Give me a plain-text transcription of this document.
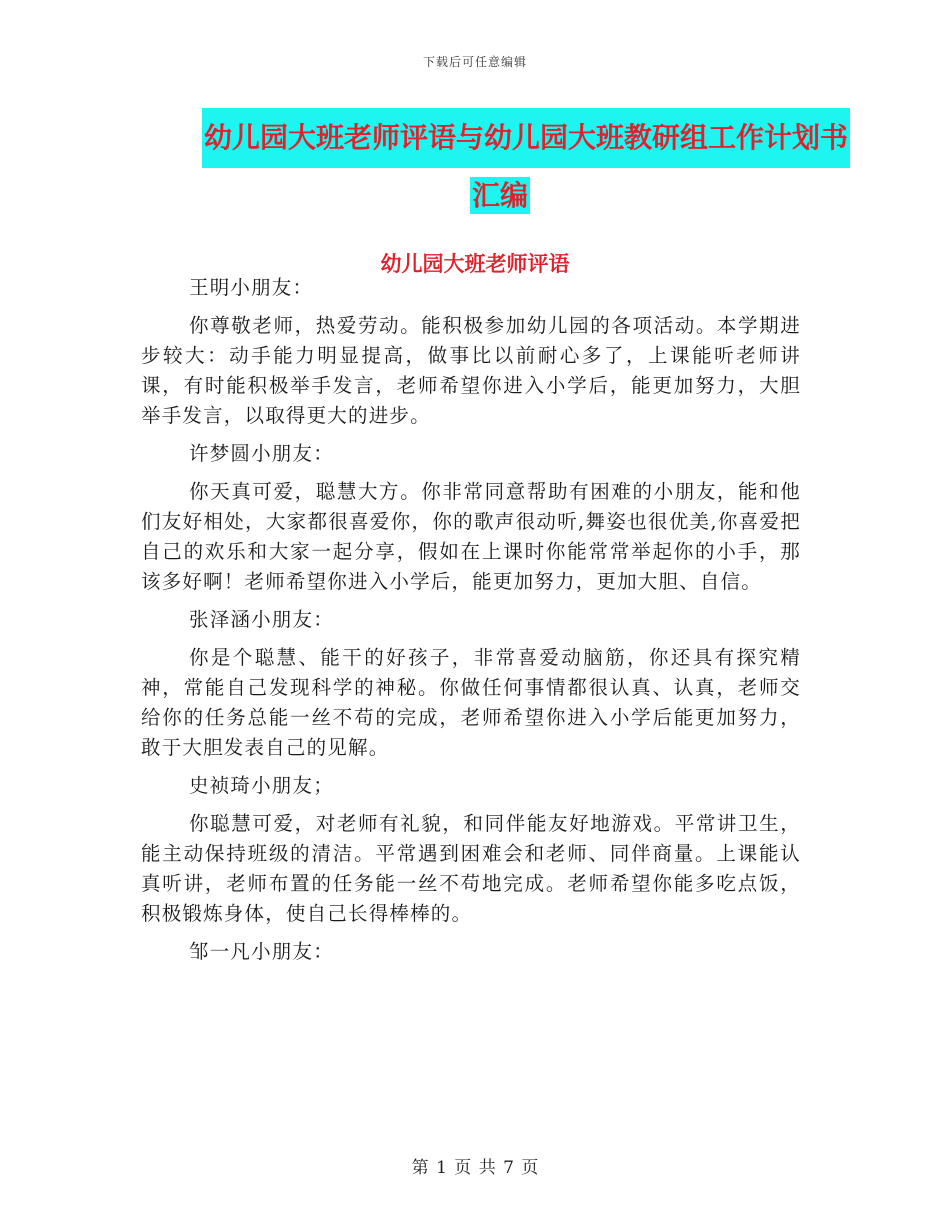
下载后可任意编辑
幼儿园大班老师评语与幼儿园大班教研组工作计划书
汇编
幼儿园大班老师评语

王明小朋友：

你尊敬老师，热爱劳动。能积极参加幼儿园的各项活动。本学期进步较大：动手能力明显提高，做事比以前耐心多了，上课能听老师讲课，有时能积极举手发言，老师希望你进入小学后，能更加努力，大胆举手发言，以取得更大的进步。

许梦圆小朋友：

你天真可爱，聪慧大方。你非常同意帮助有困难的小朋友，能和他们友好相处，大家都很喜爱你，你的歌声很动听,舞姿也很优美,你喜爱把自己的欢乐和大家一起分享，假如在上课时你能常常举起你的小手，那该多好啊！老师希望你进入小学后，能更加努力，更加大胆、自信。

张泽涵小朋友：

你是个聪慧、能干的好孩子，非常喜爱动脑筋，你还具有探究精神，常能自己发现科学的神秘。你做任何事情都很认真、认真，老师交给你的任务总能一丝不苟的完成，老师希望你进入小学后能更加努力，敢于大胆发表自己的见解。

史祯琦小朋友；

你聪慧可爱，对老师有礼貌，和同伴能友好地游戏。平常讲卫生，能主动保持班级的清洁。平常遇到困难会和老师、同伴商量。上课能认真听讲，老师布置的任务能一丝不苟地完成。老师希望你能多吃点饭，积极锻炼身体，使自己长得棒棒的。

邹一凡小朋友：

第 1 页 共 7 页
